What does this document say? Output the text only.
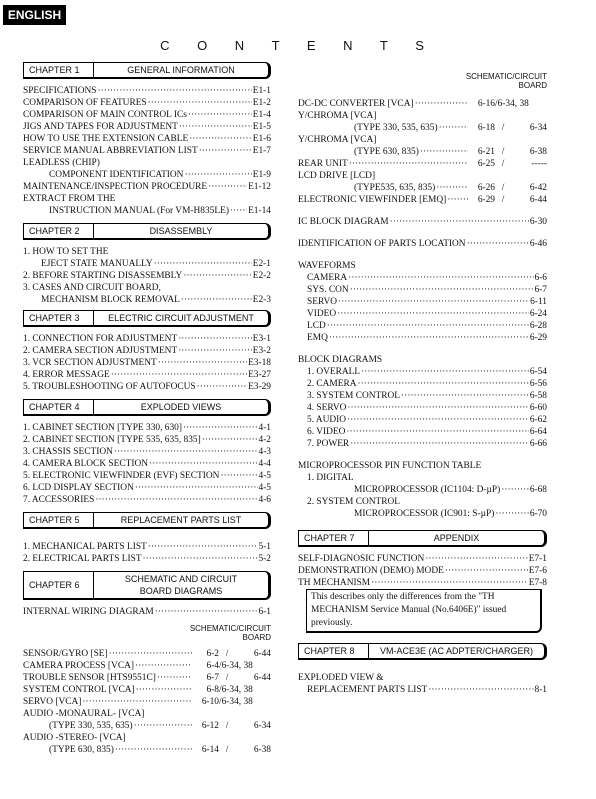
ENGLISH
C O N T E N T S
CHAPTER 1	GENERAL INFORMATION
SPECIFICATIONS ·····	E1-1
COMPARISON OF FEATURES ·····	E1-2
COMPARISON OF MAIN CONTROL ICs ·····	E1-4
JIGS AND TAPES FOR ADJUSTMENT ·····	E1-5
HOW TO USE THE EXTENSION CABLE ·····	E1-6
SERVICE MANUAL ABBREVIATION LIST ·····	E1-7
LEADLESS (CHIP)
COMPONENT IDENTIFICATION ·····	E1-9
MAINTENANCE/INSPECTION PROCEDURE ·····	E1-12
EXTRACT FROM THE
INSTRUCTION MANUAL (For VM-H835LE) ····· E1-14
CHAPTER 2	DISASSEMBLY
1. HOW TO SET THE
EJECT STATE MANUALLY ·····	E2-1
2. BEFORE STARTING DISASSEMBLY ·····	E2-2
3. CASES AND CIRCUIT BOARD,
MECHANISM BLOCK REMOVAL ·····	E2-3
CHAPTER 3	ELECTRIC CIRCUIT ADJUSTMENT
1. CONNECTION FOR ADJUSTMENT ·····	E3-1
2. CAMERA SECTION ADJUSTMENT ·····	E3-2
3. VCR SECTION ADJUSTMENT ·····	E3-18
4. ERROR MESSAGE ·····	E3-27
5. TROUBLESHOOTING OF AUTOFOCUS ·····	E3-29
CHAPTER 4	EXPLODED VIEWS
1. CABINET SECTION [TYPE 330, 630] ·····	4-1
2. CABINET SECTION [TYPE 535, 635, 835] ·····	4-2
3. CHASSIS SECTION ·····	4-3
4. CAMERA BLOCK SECTION ·····	4-4
5. ELECTRONIC VIEWFINDER (EVF) SECTION ·····	4-5
6. LCD DISPLAY SECTION ·····	4-5
7. ACCESSORIES ·····	4-6
CHAPTER 5	REPLACEMENT PARTS LIST
1. MECHANICAL PARTS LIST ·····	5-1
2. ELECTRICAL PARTS LIST ·····	5-2
CHAPTER 6
SCHEMATIC AND CIRCUIT
BOARD DIAGRAMS
INTERNAL WIRING DIAGRAM ·····	6-1
SCHEMATIC/CIRCUIT
BOARD
SENSOR/GYRO [SE] ·····	6-2 /	6-44
CAMERA PROCESS [VCA] ·····	6-4/6-34, 38
TROUBLE SENSOR [HTS9551C] ·····	6-7 /	6-44
SYSTEM CONTROL [VCA] ·····	6-8/6-34, 38
SERVO [VCA] ·····	6-10/6-34, 38
AUDIO -MONAURAL- [VCA]
(TYPE 330, 535, 635) ·····	6-12 /	6-34
AUDIO -STEREO- [VCA]
(TYPE 630, 835) ·····	6-14 /	6-38
SCHEMATIC/CIRCUIT
BOARD
DC-DC CONVERTER [VCA] ·····	6-16/6-34, 38
Y/CHROMA [VCA]
(TYPE 330, 535, 635) ·····	6-18 /	6-34
Y/CHROMA [VCA]
(TYPE 630, 835) ·····	6-21 /	6-38
REAR UNIT ·····	6-25 /	-----
LCD DRIVE [LCD]
(TYPE535, 635, 835) ·····	6-26 /	6-42
ELECTRONIC VIEWFINDER [EMQ] ·····	6-29 /	6-44
IC BLOCK DIAGRAM ·····	6-30
IDENTIFICATION OF PARTS LOCATION ·····	6-46
WAVEFORMS
CAMERA ·····	6-6
SYS. CON ·····	6-7
SERVO ·····	6-11
VIDEO ·····	6-24
LCD ·····	6-28
EMQ ·····	6-29
BLOCK DIAGRAMS
1. OVERALL ·····	6-54
2. CAMERA ·····	6-56
3. SYSTEM CONTROL ·····	6-58
4. SERVO ·····	6-60
5. AUDIO ·····	6-62
6. VIDEO ·····	6-64
7. POWER ·····	6-66
MICROPROCESSOR PIN FUNCTION TABLE
1. DIGITAL
MICROPROCESSOR (IC1104: D-µP) ·····	6-68
2. SYSTEM CONTROL
MICROPROCESSOR (IC901: S-µP) ·····	6-70
CHAPTER 7	APPENDIX
SELF-DIAGNOSIC FUNCTION ·····	E7-1
DEMONSTRATION (DEMO) MODE ·····	E7-6
TH MECHANISM ·····	E7-8
This describes only the differences from the "TH MECHANISM Service Manual (No.6406E)" issued previously.
CHAPTER 8	VM-ACE3E (AC ADPTER/CHARGER)
EXPLODED VIEW &
REPLACEMENT PARTS LIST ·····	8-1
